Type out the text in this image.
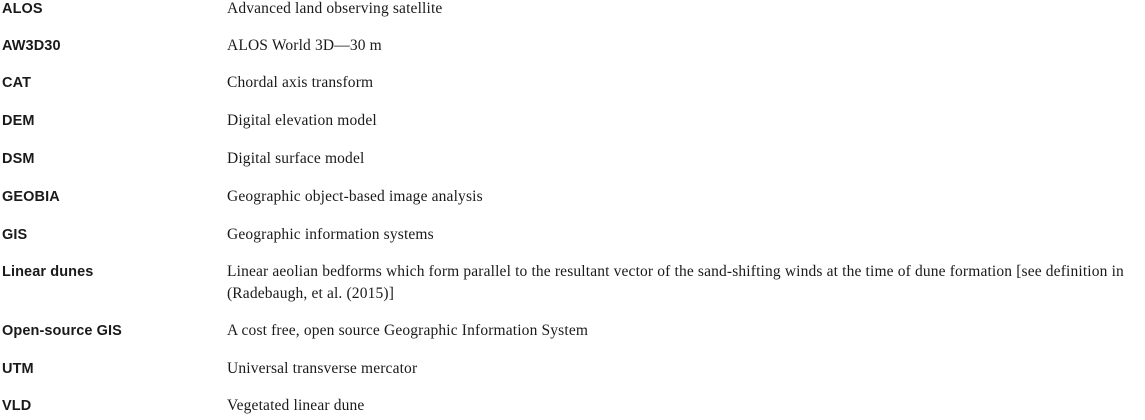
ALOS	Advanced land observing satellite
AW3D30	ALOS World 3D—30 m
CAT	Chordal axis transform
DEM	Digital elevation model
DSM	Digital surface model
GEOBIA	Geographic object-based image analysis
GIS	Geographic information systems
Linear dunes	Linear aeolian bedforms which form parallel to the resultant vector of the sand-shifting winds at the time of dune formation [see definition in (Radebaugh, et al. (2015)]
Open-source GIS	A cost free, open source Geographic Information System
UTM	Universal transverse mercator
VLD	Vegetated linear dune
